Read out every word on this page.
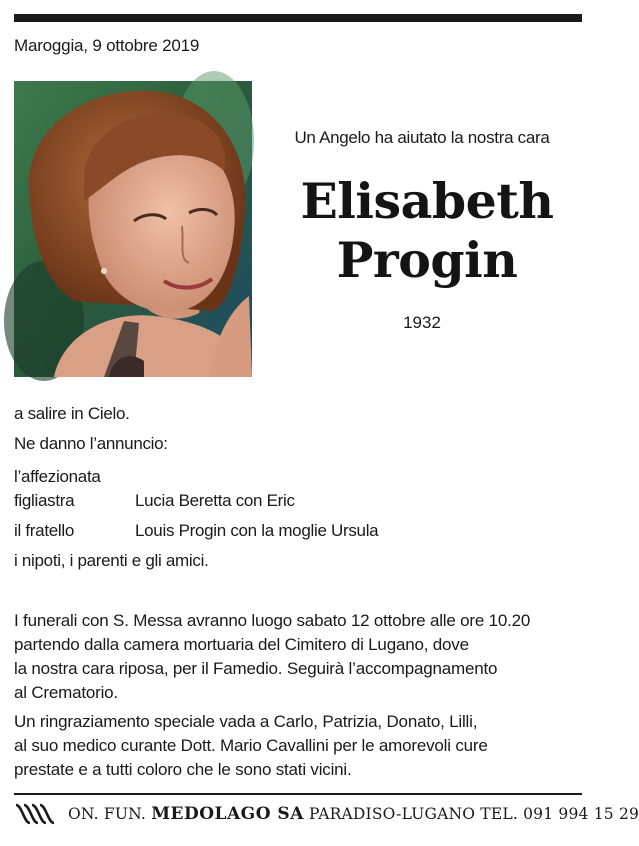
Maroggia, 9 ottobre 2019
Un Angelo ha aiutato la nostra cara
Elisabeth
Progin
1932
a salire in Cielo.
Ne danno l’annuncio:
l’affezionata
figliastra	Lucia Beretta con Eric
il fratello	Louis Progin con la moglie Ursula
i nipoti, i parenti e gli amici.
I funerali con S. Messa avranno luogo sabato 12 ottobre alle ore 10.20
partendo dalla camera mortuaria del Cimitero di Lugano, dove
la nostra cara riposa, per il Famedio. Seguirà l’accompagnamento
al Crematorio.
Un ringraziamento speciale vada a Carlo, Patrizia, Donato, Lilli,
al suo medico curante Dott. Mario Cavallini per le amorevoli cure
prestate e a tutti coloro che le sono stati vicini.
ON. FUN. MEDOLAGO SA PARADISO-LUGANO TEL. 091 994 15 29
